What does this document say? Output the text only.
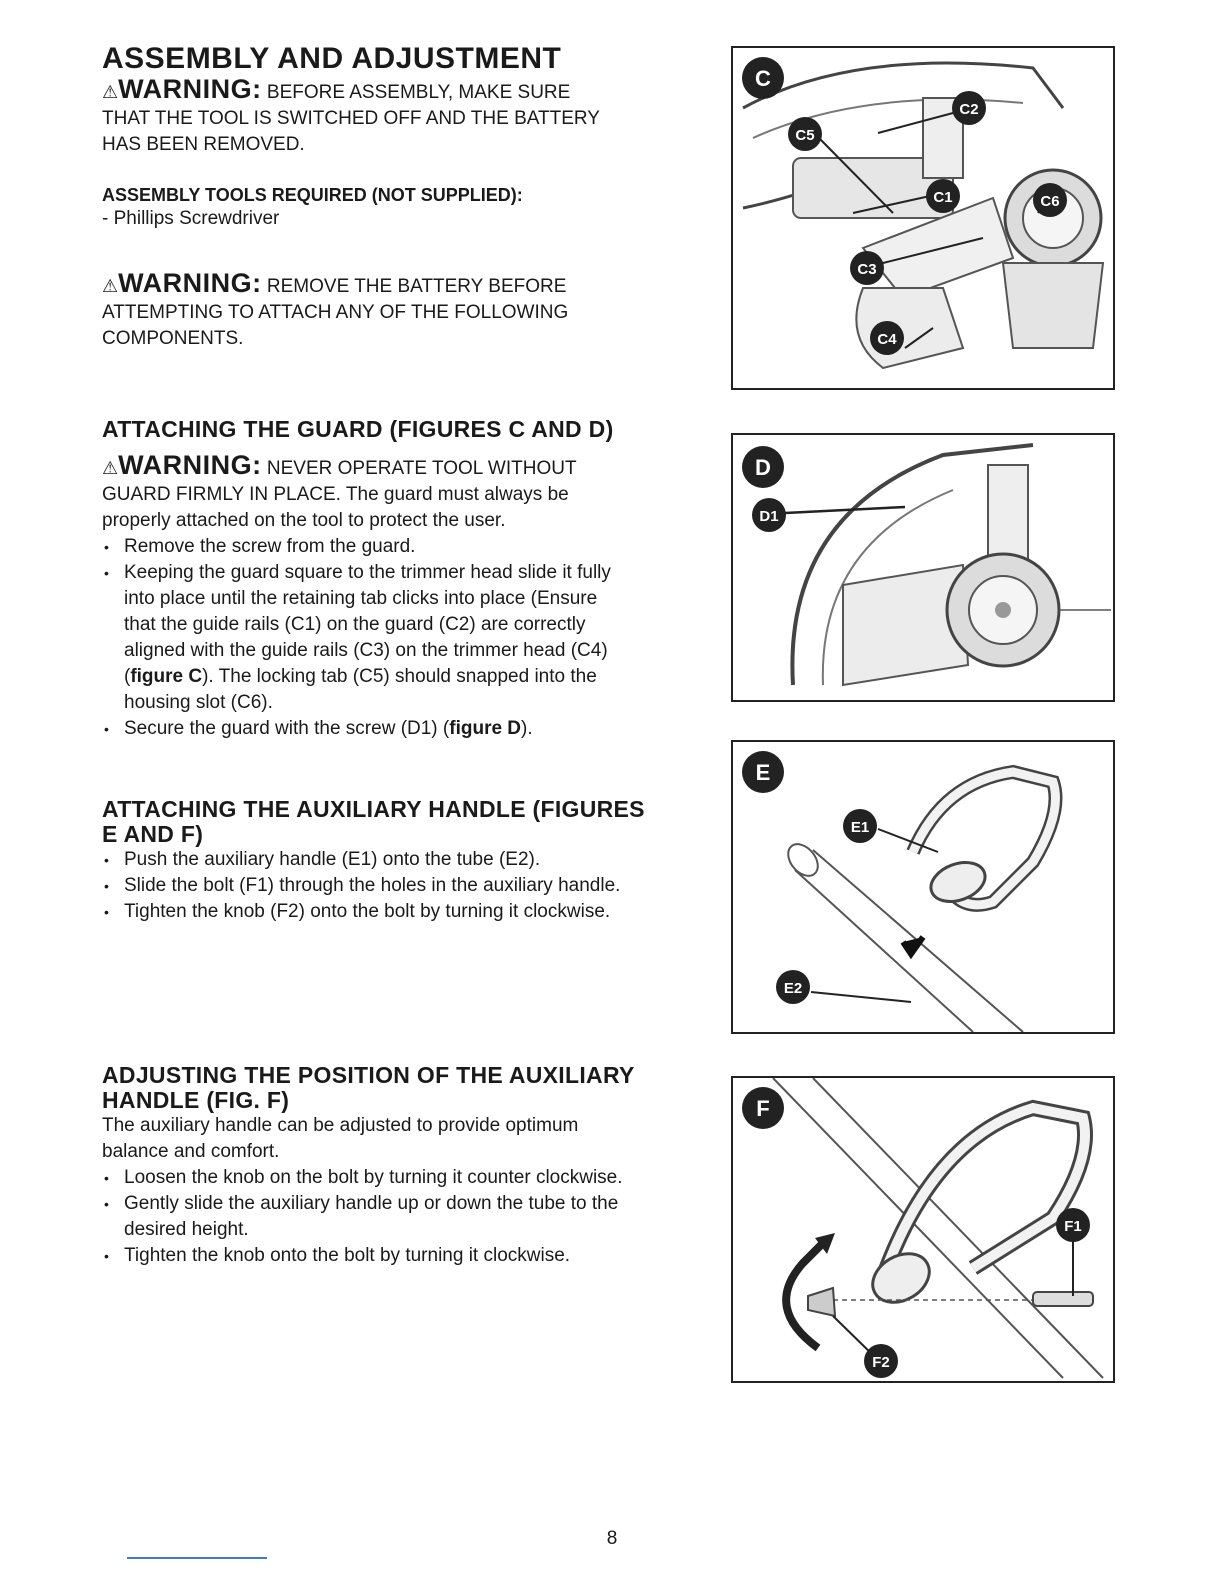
ASSEMBLY AND ADJUSTMENT

⚠WARNING: BEFORE ASSEMBLY, MAKE SURE

THAT THE TOOL IS SWITCHED OFF AND THE BATTERY

HAS BEEN REMOVED.

ASSEMBLY TOOLS REQUIRED (NOT SUPPLIED):

- Phillips Screwdriver

⚠WARNING: REMOVE THE BATTERY BEFORE

ATTEMPTING TO ATTACH ANY OF THE FOLLOWING

COMPONENTS.

ATTACHING THE GUARD (FIGURES C AND D)

⚠WARNING: NEVER OPERATE TOOL WITHOUT

GUARD FIRMLY IN PLACE. The guard must always be

properly attached on the tool to protect the user.

• Remove the screw from the guard.

• Keeping the guard square to the trimmer head slide it fully
into place until the retaining tab clicks into place (Ensure
that the guide rails (C1) on the guard (C2) are correctly
aligned with the guide rails (C3) on the trimmer head (C4)
(figure C). The locking tab (C5) should snapped into the
housing slot (C6).

• Secure the guard with the screw (D1) (figure D).

ATTACHING THE AUXILIARY HANDLE (FIGURES

E AND F)

• Push the auxiliary handle (E1) onto the tube (E2).

• Slide the bolt (F1) through the holes in the auxiliary handle.

• Tighten the knob (F2) onto the bolt by turning it clockwise.

ADJUSTING THE POSITION OF THE AUXILIARY

HANDLE (FIG. F)

The auxiliary handle can be adjusted to provide optimum

balance and comfort.

• Loosen the knob on the bolt by turning it counter clockwise.

• Gently slide the auxiliary handle up or down the tube to the
desired height.

• Tighten the knob onto the bolt by turning it clockwise.

C
C1
C2
C3
C4
C5
C6
D
D1
E
E1
E2
F
F1
F2
8
